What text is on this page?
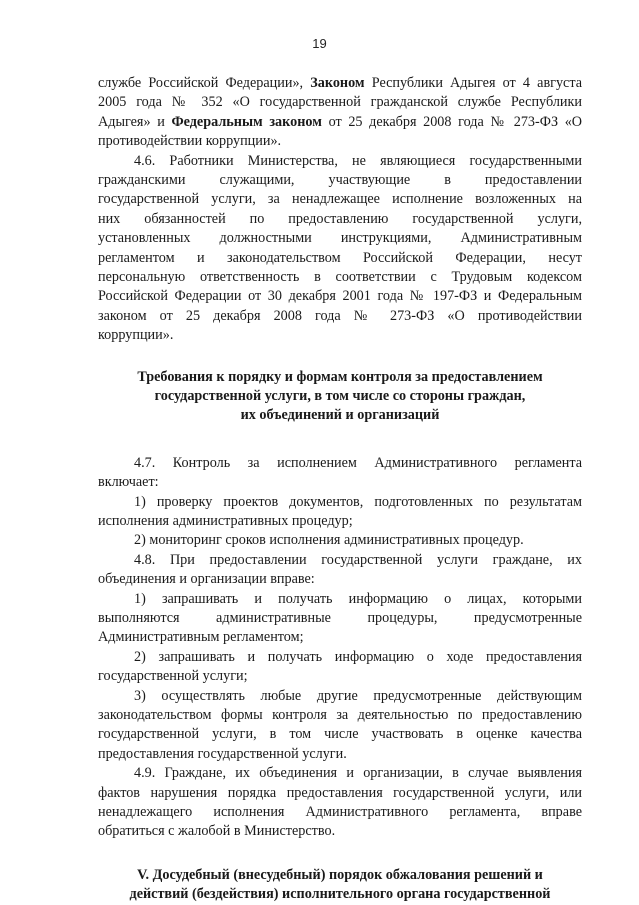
19
службе Российской Федерации», Законом Республики Адыгея от 4 августа
2005 года № 352 «О государственной гражданской службе Республики
Адыгея» и Федеральным законом от 25 декабря 2008 года № 273-ФЗ «О
противодействии коррупции».
4.6. Работники Министерства, не являющиеся государственными
гражданскими служащими, участвующие в предоставлении
государственной услуги, за ненадлежащее исполнение возложенных на
них обязанностей по предоставлению государственной услуги,
установленных должностными инструкциями, Административным
регламентом и законодательством Российской Федерации, несут
персональную ответственность в соответствии с Трудовым кодексом
Российской Федерации от 30 декабря 2001 года № 197-ФЗ и Федеральным
законом от 25 декабря 2008 года № 273-ФЗ «О противодействии
коррупции».
Требования к порядку и формам контроля за предоставлением
государственной услуги, в том числе со стороны граждан,
их объединений и организаций
4.7. Контроль за исполнением Административного регламента
включает:
1) проверку проектов документов, подготовленных по результатам
исполнения административных процедур;
2) мониторинг сроков исполнения административных процедур.
4.8. При предоставлении государственной услуги граждане, их
объединения и организации вправе:
1) запрашивать и получать информацию о лицах, которыми
выполняются административные процедуры, предусмотренные
Административным регламентом;
2) запрашивать и получать информацию о ходе предоставления
государственной услуги;
3) осуществлять любые другие предусмотренные действующим
законодательством формы контроля за деятельностью по предоставлению
государственной услуги, в том числе участвовать в оценке качества
предоставления государственной услуги.
4.9. Граждане, их объединения и организации, в случае выявления
фактов нарушения порядка предоставления государственной услуги, или
ненадлежащего исполнения Административного регламента, вправе
обратиться с жалобой в Министерство.
V. Досудебный (внесудебный) порядок обжалования решений и
действий (бездействия) исполнительного органа государственной
